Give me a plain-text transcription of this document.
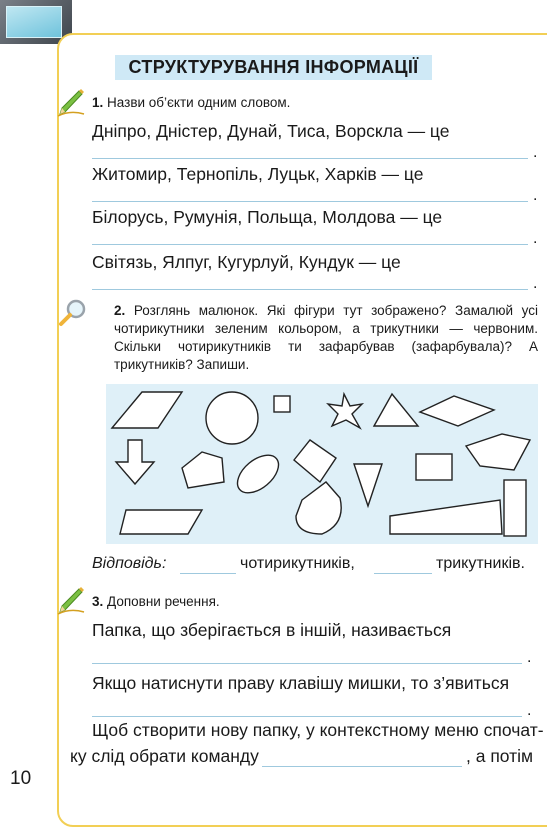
СТРУКТУРУВАННЯ ІНФОРМАЦІЇ
1. Назви об’єкти одним словом.
Дніпро, Дністер, Дунай, Тиса, Ворскла — це
.
Житомир, Тернопіль, Луцьк, Харків — це
.
Білорусь, Румунія, Польща, Молдова — це
.
Світязь, Ялпуг, Кугурлуй, Кундук — це
.
2. Розглянь малюнок. Які фігури тут зображено? Замалюй усі чотирикутники зеленим кольором, а трикутники — червоним. Скільки чотирикутників ти зафарбував (зафарбувала)? А трикутників? Запиши.
Відповідь:	чотирикутників,	трикутників.
3. Доповни речення.
Папка, що зберігається в іншій, називається
.
Якщо натиснути праву клавішу мишки, то з’явиться
.
Щоб створити нову папку, у контекстному меню спочат-
ку слід обрати команду	, а потім
10
